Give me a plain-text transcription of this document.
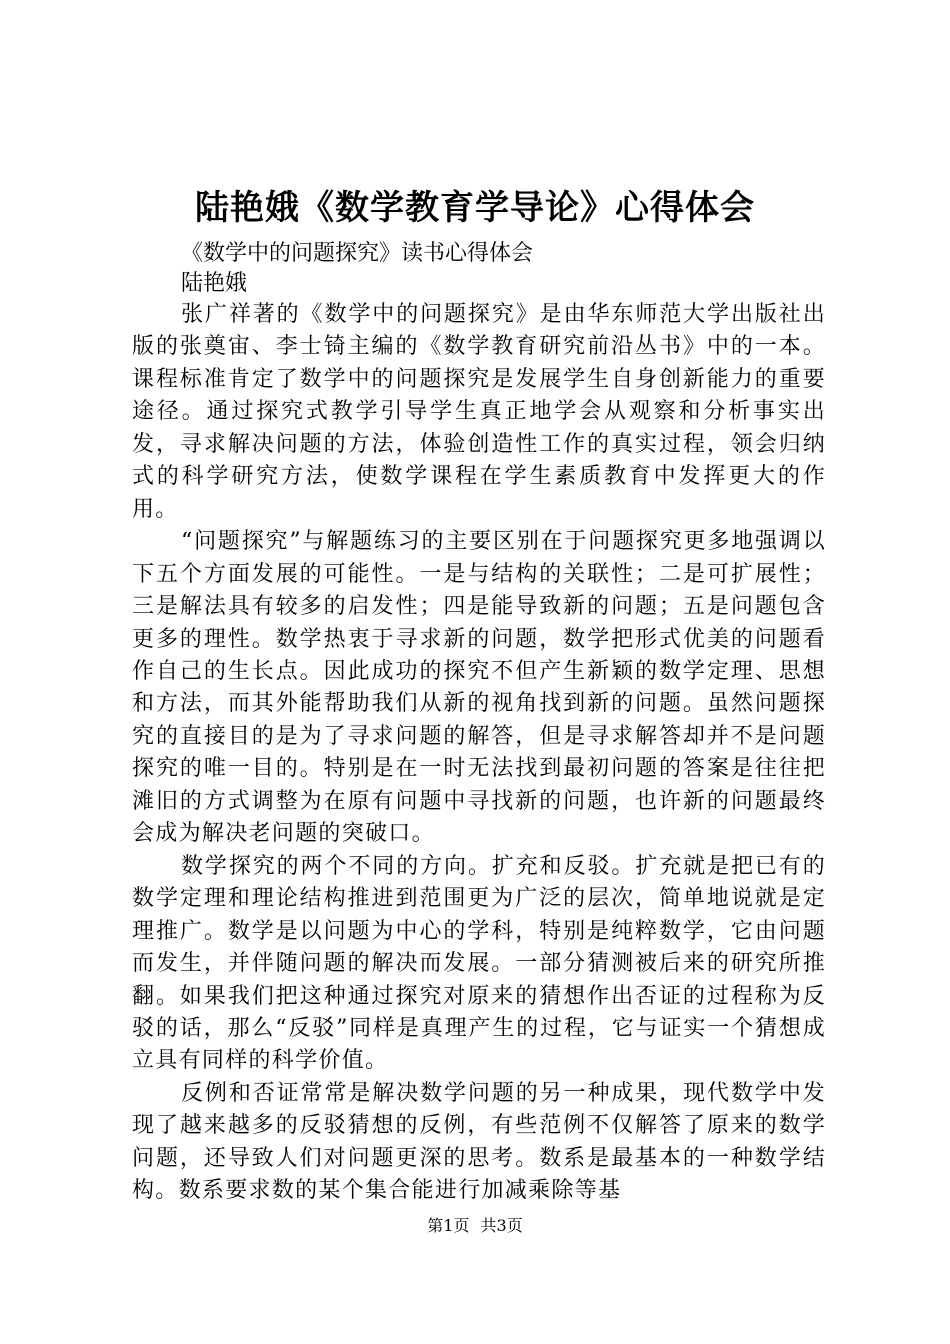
陆艳娥《数学教育学导论》心得体会
《数学中的问题探究》读书心得体会
陆艳娥

张广祥著的《数学中的问题探究》是由华东师范大学出版社出版的张奠宙、李士锜主编的《数学教育研究前沿丛书》中的一本。课程标准肯定了数学中的问题探究是发展学生自身创新能力的重要途径。通过探究式教学引导学生真正地学会从观察和分析事实出发，寻求解决问题的方法，体验创造性工作的真实过程，领会归纳式的科学研究方法，使数学课程在学生素质教育中发挥更大的作用。

“问题探究”与解题练习的主要区别在于问题探究更多地强调以下五个方面发展的可能性。一是与结构的关联性；二是可扩展性；三是解法具有较多的启发性；四是能导致新的问题；五是问题包含更多的理性。数学热衷于寻求新的问题，数学把形式优美的问题看作自己的生长点。因此成功的探究不但产生新颖的数学定理、思想和方法，而其外能帮助我们从新的视角找到新的问题。虽然问题探究的直接目的是为了寻求问题的解答，但是寻求解答却并不是问题探究的唯一目的。特别是在一时无法找到最初问题的答案是往往把滩旧的方式调整为在原有问题中寻找新的问题，也许新的问题最终会成为解决老问题的突破口。

数学探究的两个不同的方向。扩充和反驳。扩充就是把已有的数学定理和理论结构推进到范围更为广泛的层次，简单地说就是定理推广。数学是以问题为中心的学科，特别是纯粹数学，它由问题而发生，并伴随问题的解决而发展。一部分猜测被后来的研究所推翻。如果我们把这种通过探究对原来的猜想作出否证的过程称为反驳的话，那么“反驳”同样是真理产生的过程，它与证实一个猜想成立具有同样的科学价值。

反例和否证常常是解决数学问题的另一种成果，现代数学中发现了越来越多的反驳猜想的反例，有些范例不仅解答了原来的数学问题，还导致人们对问题更深的思考。数系是最基本的一种数学结构。数系要求数的某个集合能进行加减乘除等基

第1页 共3页
